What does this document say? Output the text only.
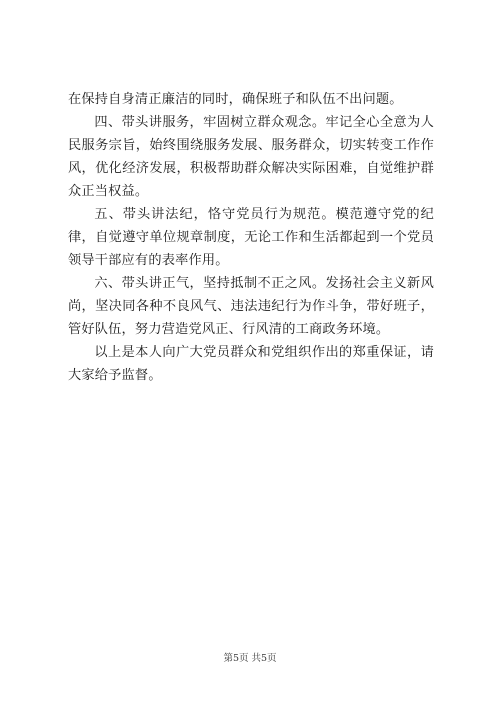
在保持自身清正廉洁的同时，确保班子和队伍不出问题。

四、带头讲服务，牢固树立群众观念。牢记全心全意为人民服务宗旨，始终围绕服务发展、服务群众，切实转变工作作风，优化经济发展，积极帮助群众解决实际困难，自觉维护群众正当权益。

五、带头讲法纪，恪守党员行为规范。模范遵守党的纪律，自觉遵守单位规章制度，无论工作和生活都起到一个党员领导干部应有的表率作用。

六、带头讲正气，坚持抵制不正之风。发扬社会主义新风尚，坚决同各种不良风气、违法违纪行为作斗争，带好班子，管好队伍，努力营造党风正、行风清的工商政务环境。

以上是本人向广大党员群众和党组织作出的郑重保证，请大家给予监督。

第5页 共5页
